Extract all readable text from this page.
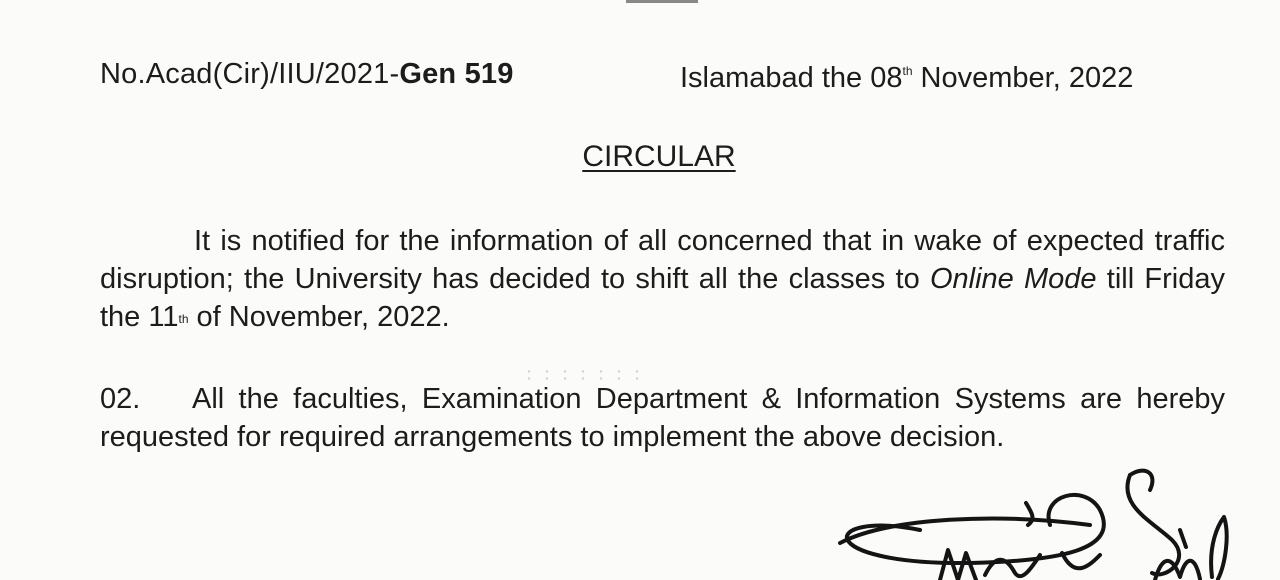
No.Acad(Cir)/IIU/2021-Gen 519	Islamabad the 08th November, 2022
CIRCULAR
It is notified for the information of all concerned that in wake of expected traffic disruption; the University has decided to shift all the classes to Online Mode till Friday the 11th of November, 2022.
02. All the faculties, Examination Department & Information Systems are hereby requested for required arrangements to implement the above decision.
